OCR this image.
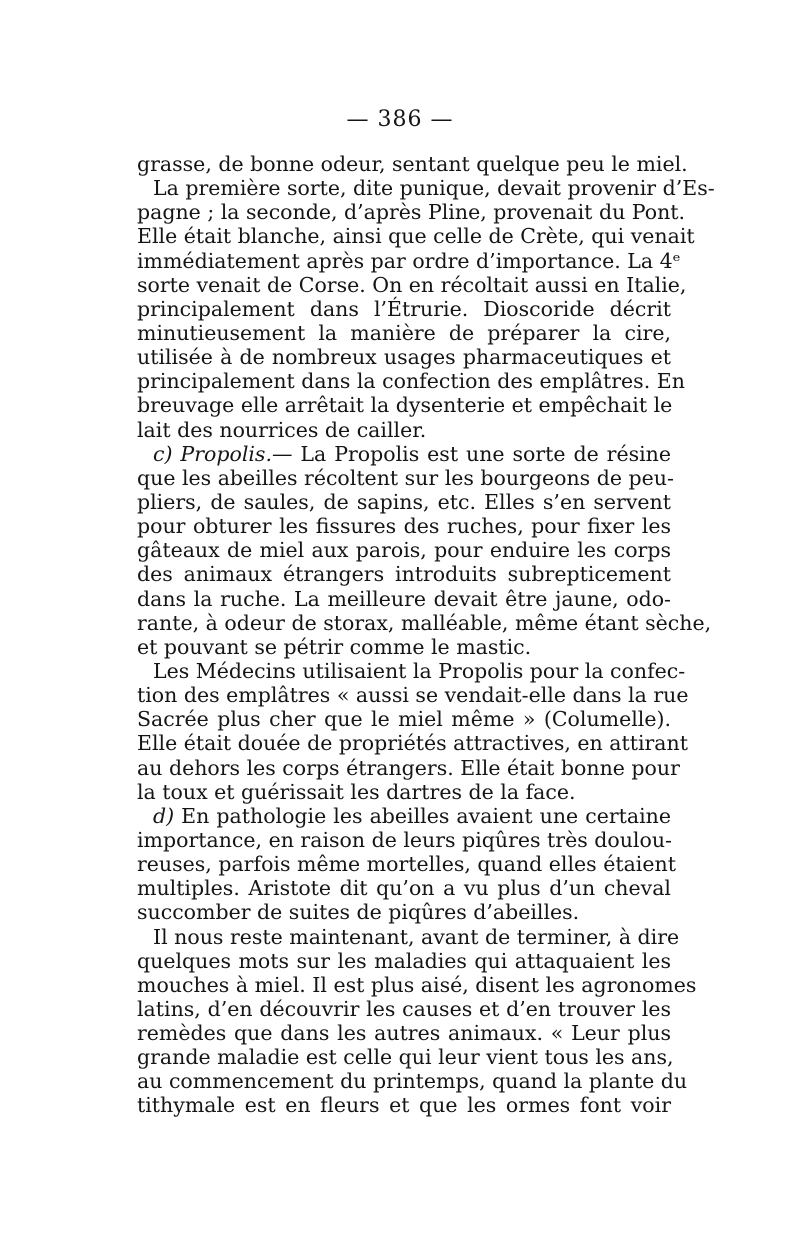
— 386 —
grasse, de bonne odeur, sentant quelque peu le miel.
La première sorte, dite punique, devait provenir d’Es-
pagne ; la seconde, d’après Pline, provenait du Pont.
Elle était blanche, ainsi que celle de Crète, qui venait
immédiatement après par ordre d’importance. La 4ᵉ
sorte venait de Corse. On en récoltait aussi en Italie,
principalement dans l’Étrurie. Dioscoride décrit
minutieusement la manière de préparer la cire,
utilisée à de nombreux usages pharmaceutiques et
principalement dans la confection des emplâtres. En
breuvage elle arrêtait la dysenterie et empêchait le
lait des nourrices de cailler.
c) Propolis.— La Propolis est une sorte de résine
que les abeilles récoltent sur les bourgeons de peu-
pliers, de saules, de sapins, etc. Elles s’en servent
pour obturer les fissures des ruches, pour fixer les
gâteaux de miel aux parois, pour enduire les corps
des animaux étrangers introduits subrepticement
dans la ruche. La meilleure devait être jaune, odo-
rante, à odeur de storax, malléable, même étant sèche,
et pouvant se pétrir comme le mastic.
Les Médecins utilisaient la Propolis pour la confec-
tion des emplâtres « aussi se vendait-elle dans la rue
Sacrée plus cher que le miel même » (Columelle).
Elle était douée de propriétés attractives, en attirant
au dehors les corps étrangers. Elle était bonne pour
la toux et guérissait les dartres de la face.
d) En pathologie les abeilles avaient une certaine
importance, en raison de leurs piqûres très doulou-
reuses, parfois même mortelles, quand elles étaient
multiples. Aristote dit qu’on a vu plus d’un cheval
succomber de suites de piqûres d’abeilles.
Il nous reste maintenant, avant de terminer, à dire
quelques mots sur les maladies qui attaquaient les
mouches à miel. Il est plus aisé, disent les agronomes
latins, d’en découvrir les causes et d’en trouver les
remèdes que dans les autres animaux. « Leur plus
grande maladie est celle qui leur vient tous les ans,
au commencement du printemps, quand la plante du
tithymale est en fleurs et que les ormes font voir
